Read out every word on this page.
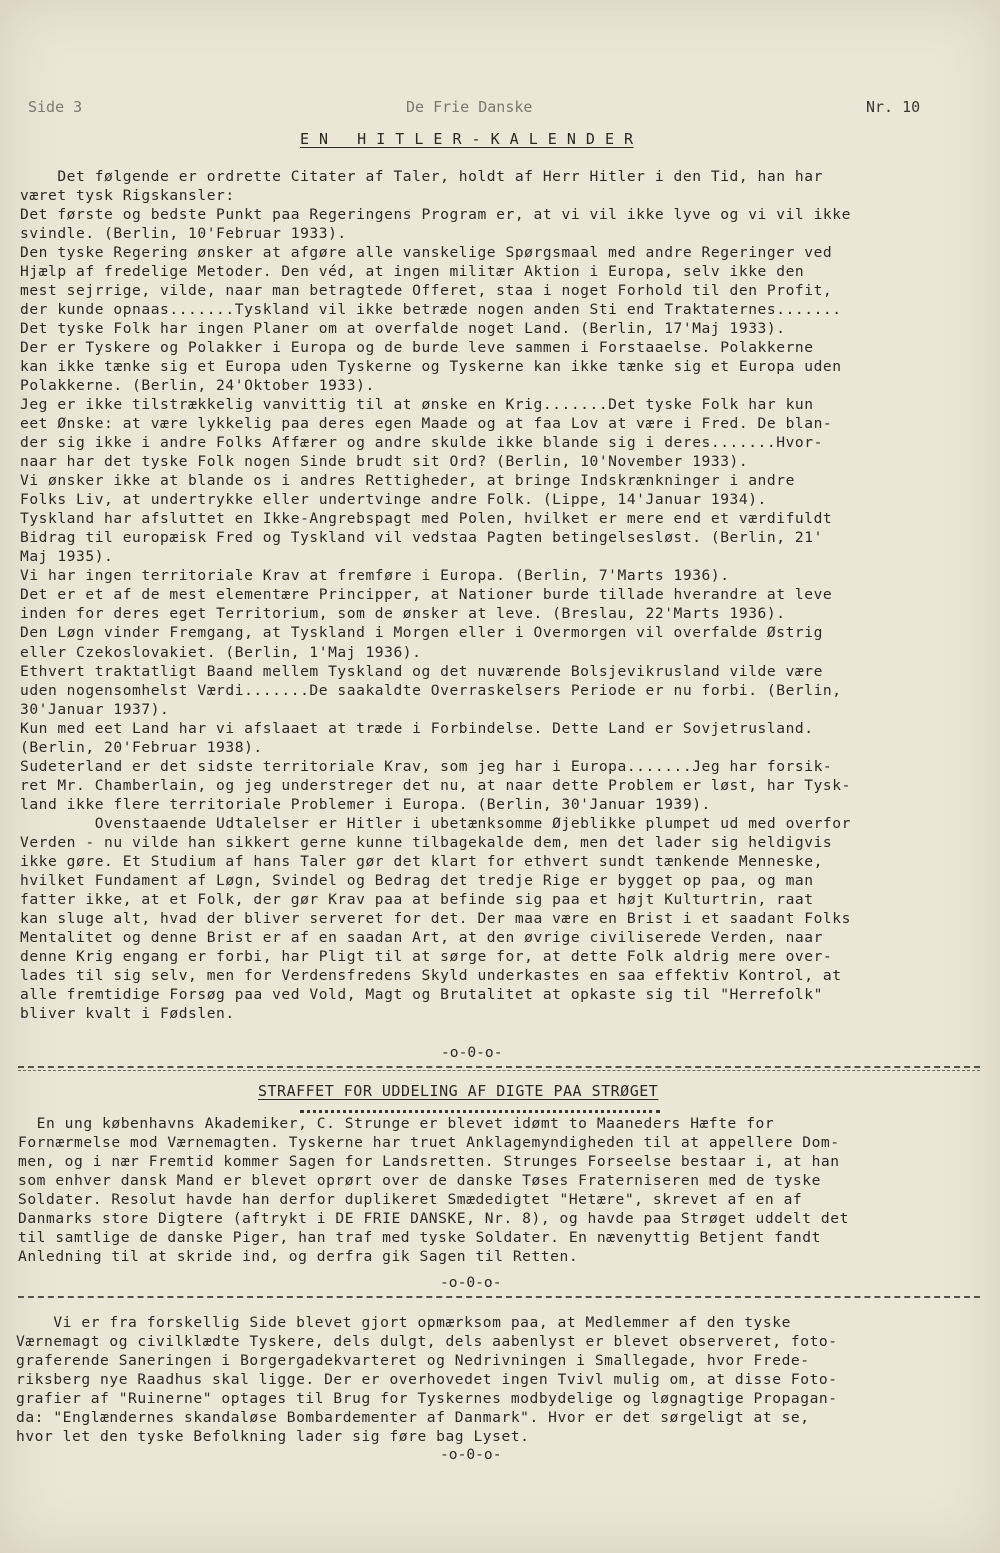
Side 3	De Frie Danske	Nr. 10
E N   H I T L E R - K A L E N D E R
Det følgende er ordrette Citater af Taler, holdt af Herr Hitler i den Tid, han har
været tysk Rigskansler:
Det første og bedste Punkt paa Regeringens Program er, at vi vil ikke lyve og vi vil ikke
svindle. (Berlin, 10'Februar 1933).
Den tyske Regering ønsker at afgøre alle vanskelige Spørgsmaal med andre Regeringer ved
Hjælp af fredelige Metoder. Den véd, at ingen militær Aktion i Europa, selv ikke den
mest sejrrige, vilde, naar man betragtede Offeret, staa i noget Forhold til den Profit,
der kunde opnaas.......Tyskland vil ikke betræde nogen anden Sti end Traktaternes.......
Det tyske Folk har ingen Planer om at overfalde noget Land. (Berlin, 17'Maj 1933).
Der er Tyskere og Polakker i Europa og de burde leve sammen i Forstaaelse. Polakkerne
kan ikke tænke sig et Europa uden Tyskerne og Tyskerne kan ikke tænke sig et Europa uden
Polakkerne. (Berlin, 24'Oktober 1933).
Jeg er ikke tilstrækkelig vanvittig til at ønske en Krig.......Det tyske Folk har kun
eet Ønske: at være lykkelig paa deres egen Maade og at faa Lov at være i Fred. De blan-
der sig ikke i andre Folks Affærer og andre skulde ikke blande sig i deres.......Hvor-
naar har det tyske Folk nogen Sinde brudt sit Ord? (Berlin, 10'November 1933).
Vi ønsker ikke at blande os i andres Rettigheder, at bringe Indskrænkninger i andre
Folks Liv, at undertrykke eller undertvinge andre Folk. (Lippe, 14'Januar 1934).
Tyskland har afsluttet en Ikke-Angrebspagt med Polen, hvilket er mere end et værdifuldt
Bidrag til europæisk Fred og Tyskland vil vedstaa Pagten betingelsesløst. (Berlin, 21'
Maj 1935).
Vi har ingen territoriale Krav at fremføre i Europa. (Berlin, 7'Marts 1936).
Det er et af de mest elementære Principper, at Nationer burde tillade hverandre at leve
inden for deres eget Territorium, som de ønsker at leve. (Breslau, 22'Marts 1936).
Den Løgn vinder Fremgang, at Tyskland i Morgen eller i Overmorgen vil overfalde Østrig
eller Czekoslovakiet. (Berlin, 1'Maj 1936).
Ethvert traktatligt Baand mellem Tyskland og det nuværende Bolsjevikrusland vilde være
uden nogensomhelst Værdi.......De saakaldte Overraskelsers Periode er nu forbi. (Berlin,
30'Januar 1937).
Kun med eet Land har vi afslaaet at træde i Forbindelse. Dette Land er Sovjetrusland.
(Berlin, 20'Februar 1938).
Sudeterland er det sidste territoriale Krav, som jeg har i Europa.......Jeg har forsik-
ret Mr. Chamberlain, og jeg understreger det nu, at naar dette Problem er løst, har Tysk-
land ikke flere territoriale Problemer i Europa. (Berlin, 30'Januar 1939).
Ovenstaaende Udtalelser er Hitler i ubetænksomme Øjeblikke plumpet ud med overfor
Verden - nu vilde han sikkert gerne kunne tilbagekalde dem, men det lader sig heldigvis
ikke gøre. Et Studium af hans Taler gør det klart for ethvert sundt tænkende Menneske,
hvilket Fundament af Løgn, Svindel og Bedrag det tredje Rige er bygget op paa, og man
fatter ikke, at et Folk, der gør Krav paa at befinde sig paa et højt Kulturtrin, raat
kan sluge alt, hvad der bliver serveret for det. Der maa være en Brist i et saadant Folks
Mentalitet og denne Brist er af en saadan Art, at den øvrige civiliserede Verden, naar
denne Krig engang er forbi, har Pligt til at sørge for, at dette Folk aldrig mere over-
lades til sig selv, men for Verdensfredens Skyld underkastes en saa effektiv Kontrol, at
alle fremtidige Forsøg paa ved Vold, Magt og Brutalitet at opkaste sig til "Herrefolk"
bliver kvalt i Fødslen.
-o-0-o-
STRAFFET FOR UDDELING AF DIGTE PAA STRØGET
En ung københavns Akademiker, C. Strunge er blevet idømt to Maaneders Hæfte for
Fornærmelse mod Værnemagten. Tyskerne har truet Anklagemyndigheden til at appellere Dom-
men, og i nær Fremtid kommer Sagen for Landsretten. Strunges Forseelse bestaar i, at han
som enhver dansk Mand er blevet oprørt over de danske Tøses Fraterniseren med de tyske
Soldater. Resolut havde han derfor duplikeret Smædedigtet "Hetære", skrevet af en af
Danmarks store Digtere (aftrykt i DE FRIE DANSKE, Nr. 8), og havde paa Strøget uddelt det
til samtlige de danske Piger, han traf med tyske Soldater. En nævenyttig Betjent fandt
Anledning til at skride ind, og derfra gik Sagen til Retten.
-o-0-o-
Vi er fra forskellig Side blevet gjort opmærksom paa, at Medlemmer af den tyske
Værnemagt og civilklædte Tyskere, dels dulgt, dels aabenlyst er blevet observeret, foto-
graferende Saneringen i Borgergadekvarteret og Nedrivningen i Smallegade, hvor Frede-
riksberg nye Raadhus skal ligge. Der er overhovedet ingen Tvivl mulig om, at disse Foto-
grafier af "Ruinerne" optages til Brug for Tyskernes modbydelige og løgnagtige Propagan-
da: "Englændernes skandaløse Bombardementer af Danmark". Hvor er det sørgeligt at se,
hvor let den tyske Befolkning lader sig føre bag Lyset.
-o-0-o-
